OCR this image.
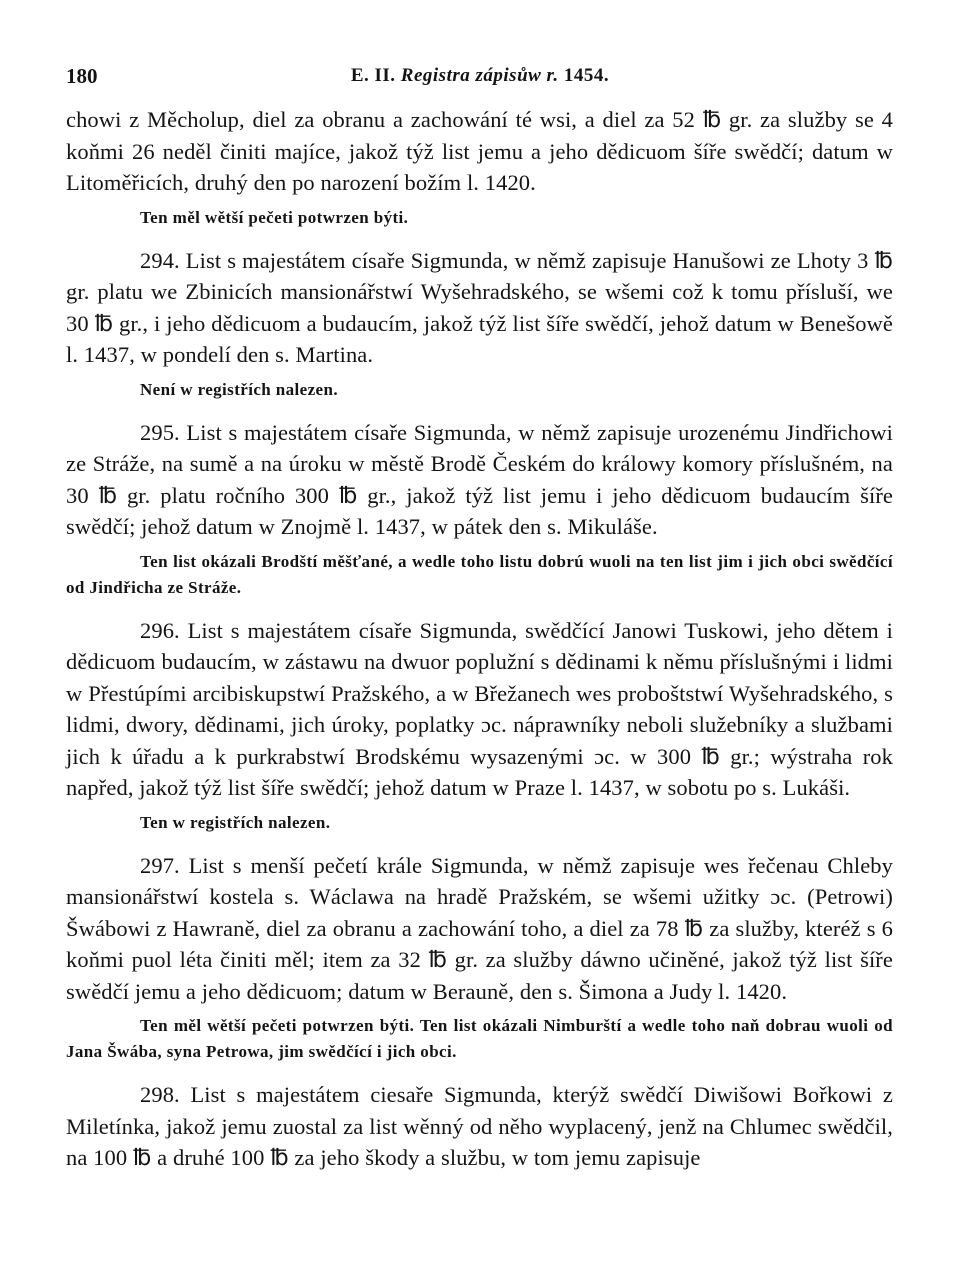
180	E. II. Registra zápisůw r. 1454.

chowi z Měcholup, diel za obranu a zachowání té wsi, a diel za 52 ℔ gr. za služby se 4 koňmi 26 neděl činiti majíce, jakož týž list jemu a jeho dědicuom šíře swědčí; datum w Litoměřicích, druhý den po narození božím l. 1420.

Ten měl wětší pečeti potwrzen býti.

294. List s majestátem císaře Sigmunda, w němž zapisuje Hanušowi ze Lhoty 3 ℔ gr. platu we Zbinicích mansionářstwí Wyšehradského, se wšemi což k tomu přísluší, we 30 ℔ gr., i jeho dědicuom a budaucím, jakož týž list šíře swědčí, jehož datum w Benešowě l. 1437, w pondelí den s. Martina.

Není w registřích nalezen.

295. List s majestátem císaře Sigmunda, w němž zapisuje urozenému Jindřichowi ze Stráže, na sumě a na úroku w městě Brodě Českém do králowy komory příslušném, na 30 ℔ gr. platu ročního 300 ℔ gr., jakož týž list jemu i jeho dědicuom budaucím šíře swědčí; jehož datum w Znojmě l. 1437, w pátek den s. Mikuláše.

Ten list okázali Brodští měšťané, a wedle toho listu dobrú wuoli na ten list jim i jich obci swědčící od Jindřicha ze Stráže.

296. List s majestátem císaře Sigmunda, swědčící Janowi Tuskowi, jeho dětem i dědicuom budaucím, w zástawu na dwuor poplužní s dědinami k němu příslušnými i lidmi w Přestúpími arcibiskupstwí Pražského, a w Břežanech wes proboštstwí Wyšehradského, s lidmi, dwory, dědinami, jich úroky, poplatky ɔc. náprawníky neboli služebníky a službami jich k úřadu a k purkrabstwí Brodskému wysazenými ɔc. w 300 ℔ gr.; wýstraha rok napřed, jakož týž list šíře swědčí; jehož datum w Praze l. 1437, w sobotu po s. Lukáši.

Ten w registřích nalezen.

297. List s menší pečetí krále Sigmunda, w němž zapisuje wes řečenau Chleby mansionářstwí kostela s. Wáclawa na hradě Pražském, se wšemi užitky ɔc. (Petrowi) Šwábowi z Hawraně, diel za obranu a zachowání toho, a diel za 78 ℔ za služby, kteréž s 6 koňmi puol léta činiti měl; item za 32 ℔ gr. za služby dáwno učiněné, jakož týž list šíře swědčí jemu a jeho dědicuom; datum w Berauně, den s. Šimona a Judy l. 1420.

Ten měl wětší pečeti potwrzen býti. Ten list okázali Nimburští a wedle toho naň dobrau wuoli od Jana Šwába, syna Petrowa, jim swědčící i jich obci.

298. List s majestátem ciesaře Sigmunda, kterýž swědčí Diwišowi Bořkowi z Miletínka, jakož jemu zuostal za list wěnný od něho wyplacený, jenž na Chlumec swědčil, na 100 ℔ a druhé 100 ℔ za jeho škody a službu, w tom jemu zapisuje
